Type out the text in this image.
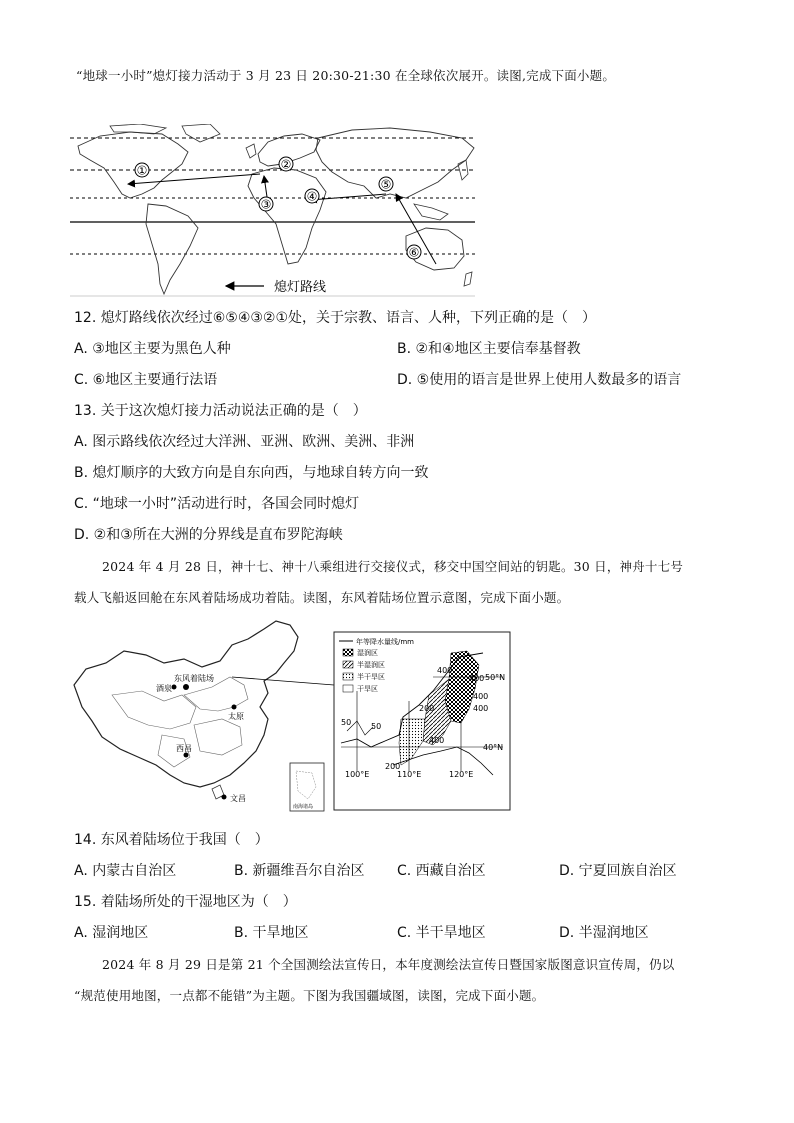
“地球一小时”熄灯接力活动于 3 月 23 日 20:30-21:30 在全球依次展开。读图,完成下面小题。
①	②
③
④
⑤
⑥
熄灯路线
12. 熄灯路线依次经过⑥⑤④③②①处，关于宗教、语言、人种，下列正确的是（　）
A. ③地区主要为黑色人种	B. ②和④地区主要信奉基督教
C. ⑥地区主要通行法语	D. ⑤使用的语言是世界上使用人数最多的语言
13. 关于这次熄灯接力活动说法正确的是（　）
A. 图示路线依次经过大洋洲、亚洲、欧洲、美洲、非洲
B. 熄灯顺序的大致方向是自东向西，与地球自转方向一致
C. “地球一小时”活动进行时，各国会同时熄灯
D. ②和③所在大洲的分界线是直布罗陀海峡
2024 年 4 月 28 日，神十七、神十八乘组进行交接仪式，移交中国空间站的钥匙。30 日，神舟十七号
载人飞船返回舱在东风着陆场成功着陆。读图，东风着陆场位置示意图，完成下面小题。
东风着陆场
酒泉
西昌
太原
文昌
南海诸岛
年等降水量线/mm
湿润区
半湿润区
半干旱区
干旱区
400
400
400
400
200
50 50
400
200
50°N
40°N
100°E	110°E	120°E
14. 东风着陆场位于我国（　）
A. 内蒙古自治区	B. 新疆维吾尔自治区 C. 西藏自治区	D. 宁夏回族自治区
15. 着陆场所处的干湿地区为（　）
A. 湿润地区	B. 干旱地区	C. 半干旱地区	D. 半湿润地区
2024 年 8 月 29 日是第 21 个全国测绘法宣传日，本年度测绘法宣传日暨国家版图意识宣传周，仍以
“规范使用地图，一点都不能错”为主题。下图为我国疆域图，读图，完成下面小题。
